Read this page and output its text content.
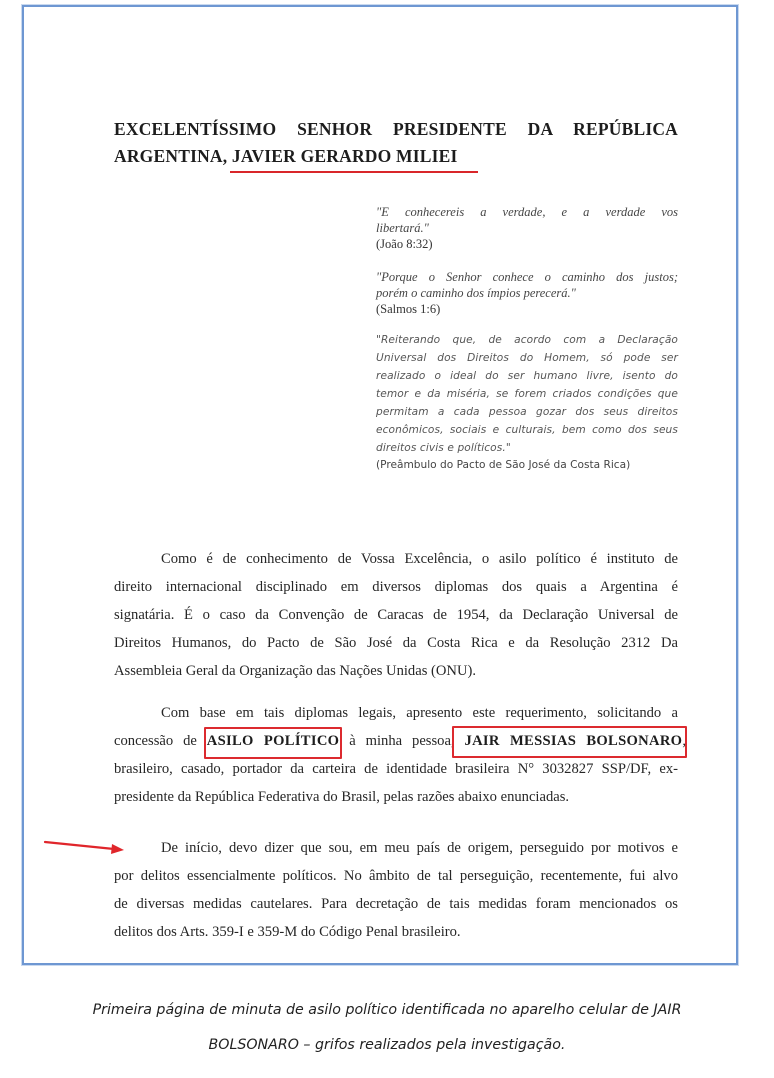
EXCELENTÍSSIMO SENHOR PRESIDENTE DA REPÚBLICA
ARGENTINA, JAVIER GERARDO MILIEI
"E conhecereis a verdade, e a verdade vos
libertará."
(João 8:32)
"Porque o Senhor conhece o caminho dos justos;
porém o caminho dos ímpios perecerá."
(Salmos 1:6)
"Reiterando que, de acordo com a Declaração
Universal dos Direitos do Homem, só pode ser
realizado o ideal do ser humano livre, isento do
temor e da miséria, se forem criados condições que
permitam a cada pessoa gozar dos seus direitos
econômicos, sociais e culturais, bem como dos seus
direitos civis e políticos."
(Preâmbulo do Pacto de São José da Costa Rica)
Como é de conhecimento de Vossa Excelência, o asilo político é instituto de
direito internacional disciplinado em diversos diplomas dos quais a Argentina é
signatária. É o caso da Convenção de Caracas de 1954, da Declaração Universal de
Direitos Humanos, do Pacto de São José da Costa Rica e da Resolução 2312 Da
Assembleia Geral da Organização das Nações Unidas (ONU).
Com base em tais diplomas legais, apresento este requerimento, solicitando a
concessão de ASILO POLÍTICO à minha pessoa, JAIR MESSIAS BOLSONARO,
brasileiro, casado, portador da carteira de identidade brasileira N° 3032827 SSP/DF, ex-
presidente da República Federativa do Brasil, pelas razões abaixo enunciadas.
De início, devo dizer que sou, em meu país de origem, perseguido por motivos e
por delitos essencialmente políticos. No âmbito de tal perseguição, recentemente, fui alvo
de diversas medidas cautelares. Para decretação de tais medidas foram mencionados os
delitos dos Arts. 359-I e 359-M do Código Penal brasileiro.
Primeira página de minuta de asilo político identificada no aparelho celular de JAIR
BOLSONARO – grifos realizados pela investigação.
